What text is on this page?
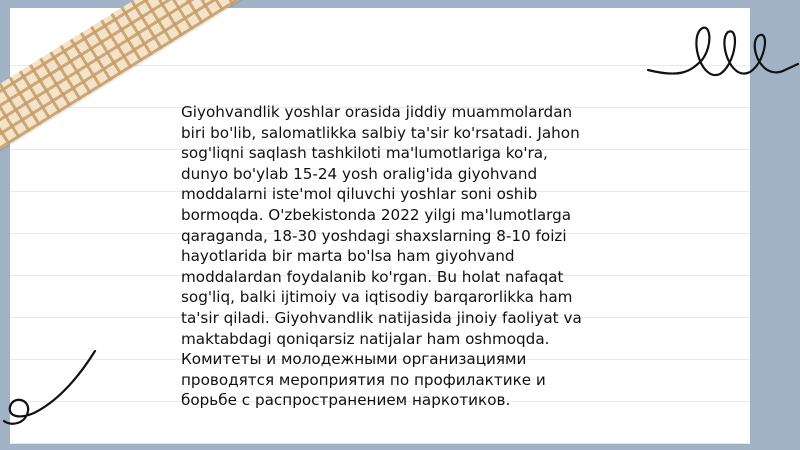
Giyohvandlik yoshlar orasida jiddiy muammolardan
biri bo'lib, salomatlikka salbiy ta'sir ko'rsatadi. Jahon
sog'liqni saqlash tashkiloti ma'lumotlariga ko'ra,
dunyo bo'ylab 15-24 yosh oralig'ida giyohvand
moddalarni iste'mol qiluvchi yoshlar soni oshib
bormoqda. O'zbekistonda 2022 yilgi ma'lumotlarga
qaraganda, 18-30 yoshdagi shaxslarning 8-10 foizi
hayotlarida bir marta bo'lsa ham giyohvand
moddalardan foydalanib ko'rgan. Bu holat nafaqat
sog'liq, balki ijtimoiy va iqtisodiy barqarorlikka ham
ta'sir qiladi. Giyohvandlik natijasida jinoiy faoliyat va
maktabdagi qoniqarsiz natijalar ham oshmoqda.
Комитеты и молодежными организациями
проводятся мероприятия по профилактике и
борьбе с распространением наркотиков.
